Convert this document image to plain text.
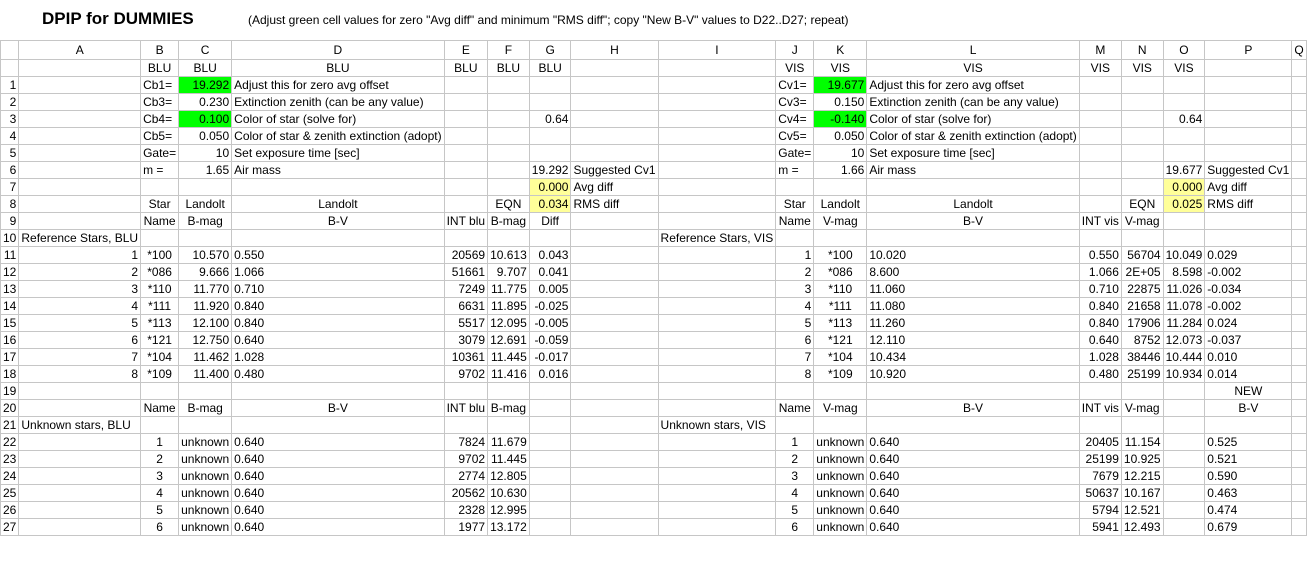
DPIP for DUMMIES	(Adjust green cell values for zero "Avg diff" and minimum "RMS diff"; copy "New B-V" values to D22..D27; repeat)
	A	B	C	D	E	F	G	H	I	J	K	L	M	N	O	P	Q
		BLU	BLU	BLU	BLU	BLU	BLU			VIS	VIS	VIS	VIS	VIS	VIS		
1		Cb1=	19.292	Adjust this for zero avg offset						Cv1=	19.677	Adjust this for zero avg offset					
2		Cb3=	0.230	Extinction zenith (can be any value)						Cv3=	0.150	Extinction zenith (can be any value)					
3		Cb4=	0.100	Color of star (solve for)			0.64			Cv4=	-0.140	Color of star (solve for)			0.64		
4		Cb5=	0.050	Color of star & zenith extinction (adopt)						Cv5=	0.050	Color of star & zenith extinction (adopt)					
5		Gate=	10	Set exposure time [sec]						Gate=	10	Set exposure time [sec]					
6		m =	1.65	Air mass			19.292	Suggested Cv1		m =	1.66	Air mass			19.677	Suggested Cv1	
7							0.000	Avg diff							0.000	Avg diff	
8		Star	Landolt	Landolt		EQN	0.034	RMS diff		Star	Landolt	Landolt		EQN	0.025	RMS diff	
9		Name	B-mag	B-V	INT blu	B-mag	Diff			Name	V-mag	B-V	INT vis	V-mag			
10	Reference Stars, BLU								Reference Stars, VIS								
11	1	*100	10.570	0.550	20569	10.613	0.043			1	*100	10.020	0.550	56704	10.049	0.029	
12	2	*086	9.666	1.066	51661	9.707	0.041			2	*086	8.600	1.066	2E+05	8.598	-0.002	
13	3	*110	11.770	0.710	7249	11.775	0.005			3	*110	11.060	0.710	22875	11.026	-0.034	
14	4	*111	11.920	0.840	6631	11.895	-0.025			4	*111	11.080	0.840	21658	11.078	-0.002	
15	5	*113	12.100	0.840	5517	12.095	-0.005			5	*113	11.260	0.840	17906	11.284	0.024	
16	6	*121	12.750	0.640	3079	12.691	-0.059			6	*121	12.110	0.640	8752	12.073	-0.037	
17	7	*104	11.462	1.028	10361	11.445	-0.017			7	*104	10.434	1.028	38446	10.444	0.010	
18	8	*109	11.400	0.480	9702	11.416	0.016			8	*109	10.920	0.480	25199	10.934	0.014	
19																NEW	
20		Name	B-mag	B-V	INT blu	B-mag				Name	V-mag	B-V	INT vis	V-mag		B-V	
21	Unknown stars, BLU								Unknown stars, VIS								
22		1	unknown	0.640	7824	11.679				1	unknown	0.640	20405	11.154		0.525	
23		2	unknown	0.640	9702	11.445				2	unknown	0.640	25199	10.925		0.521	
24		3	unknown	0.640	2774	12.805				3	unknown	0.640	7679	12.215		0.590	
25		4	unknown	0.640	20562	10.630				4	unknown	0.640	50637	10.167		0.463	
26		5	unknown	0.640	2328	12.995				5	unknown	0.640	5794	12.521		0.474	
27		6	unknown	0.640	1977	13.172				6	unknown	0.640	5941	12.493		0.679	
